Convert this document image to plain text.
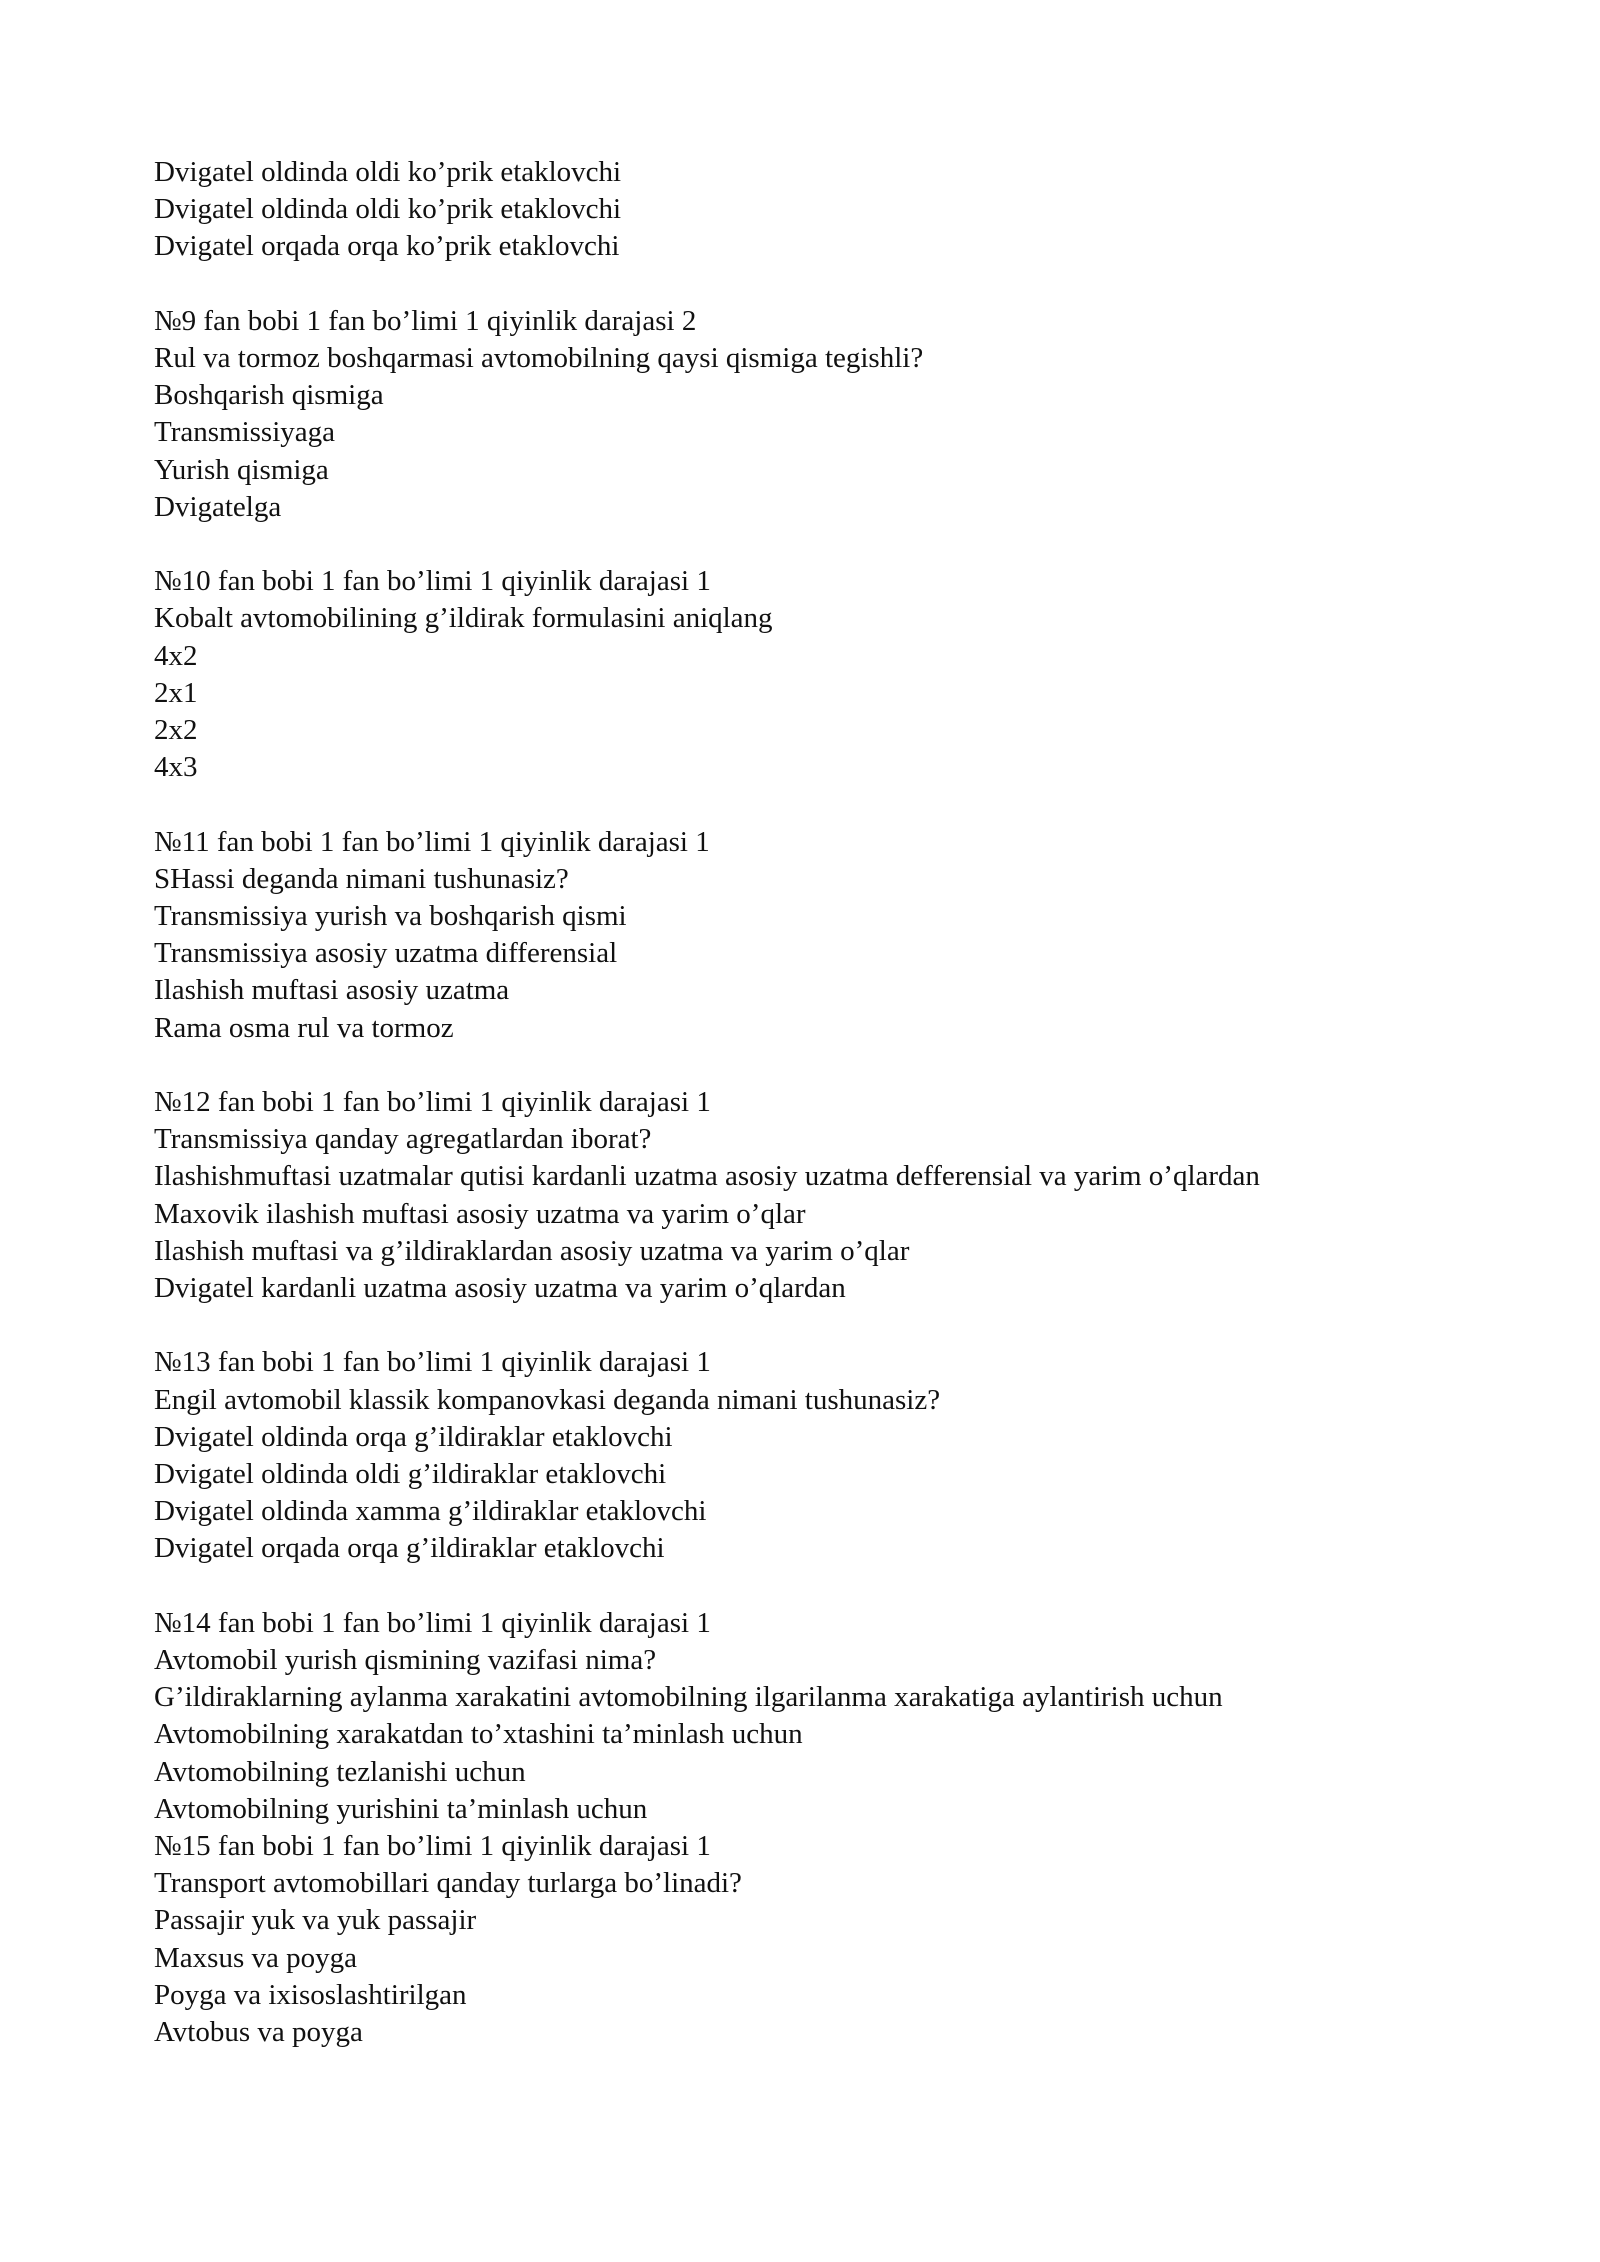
Dvigatel oldinda oldi ko’prik etaklovchi
Dvigatel oldinda oldi ko’prik etaklovchi
Dvigatel orqada orqa ko’prik etaklovchi
№9 fan bobi 1 fan bo’limi 1 qiyinlik darajasi 2
Rul va tormoz boshqarmasi avtomobilning qaysi qismiga tegishli?
Boshqarish qismiga
Transmissiyaga
Yurish qismiga
Dvigatelga
№10 fan bobi 1 fan bo’limi 1 qiyinlik darajasi 1
Kobalt avtomobilining g’ildirak formulasini aniqlang
4x2
2x1
2x2
4x3
№11 fan bobi 1 fan bo’limi 1 qiyinlik darajasi 1
SHassi deganda nimani tushunasiz?
Transmissiya yurish va boshqarish qismi
Transmissiya asosiy uzatma differensial
Ilashish muftasi asosiy uzatma
Rama osma rul va tormoz
№12 fan bobi 1 fan bo’limi 1 qiyinlik darajasi 1
Transmissiya qanday agregatlardan iborat?
Ilashishmuftasi uzatmalar qutisi kardanli uzatma asosiy uzatma defferensial va yarim o’qlardan
Maxovik ilashish muftasi asosiy uzatma va yarim o’qlar
Ilashish muftasi va g’ildiraklardan asosiy uzatma va yarim o’qlar
Dvigatel kardanli uzatma asosiy uzatma va yarim o’qlardan
№13 fan bobi 1 fan bo’limi 1 qiyinlik darajasi 1
Engil avtomobil klassik kompanovkasi deganda nimani tushunasiz?
Dvigatel oldinda orqa g’ildiraklar etaklovchi
Dvigatel oldinda oldi g’ildiraklar etaklovchi
Dvigatel oldinda xamma g’ildiraklar etaklovchi
Dvigatel orqada orqa g’ildiraklar etaklovchi
№14 fan bobi 1 fan bo’limi 1 qiyinlik darajasi 1
Avtomobil yurish qismining vazifasi nima?
G’ildiraklarning aylanma xarakatini avtomobilning ilgarilanma xarakatiga aylantirish uchun
Avtomobilning xarakatdan to’xtashini ta’minlash uchun
Avtomobilning tezlanishi uchun
Avtomobilning yurishini ta’minlash uchun
№15 fan bobi 1 fan bo’limi 1 qiyinlik darajasi 1
Transport avtomobillari qanday turlarga bo’linadi?
Passajir yuk va yuk passajir
Maxsus va poyga
Poyga va ixisoslashtirilgan
Avtobus va poyga
